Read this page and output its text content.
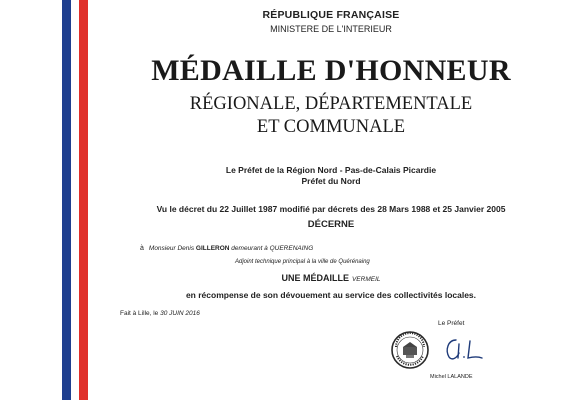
RÉPUBLIQUE FRANÇAISE
MINISTERE DE L'INTERIEUR
MÉDAILLE D'HONNEUR
RÉGIONALE, DÉPARTEMENTALE
ET COMMUNALE
Le Préfet de la Région Nord - Pas-de-Calais Picardie
Préfet du Nord
Vu le décret du 22 Juillet 1987 modifié par décrets des 28 Mars 1988 et 25 Janvier 2005
DÉCERNE
à Monsieur Denis GILLERON demeurant à QUERENAING
Adjoint technique principal à la ville de Quérénaing
UNE MÉDAILLE VERMEIL
en récompense de son dévouement au service des collectivités locales.
Fait à Lille, le 30 JUIN 2016
Le Préfet
Michel LALANDE
